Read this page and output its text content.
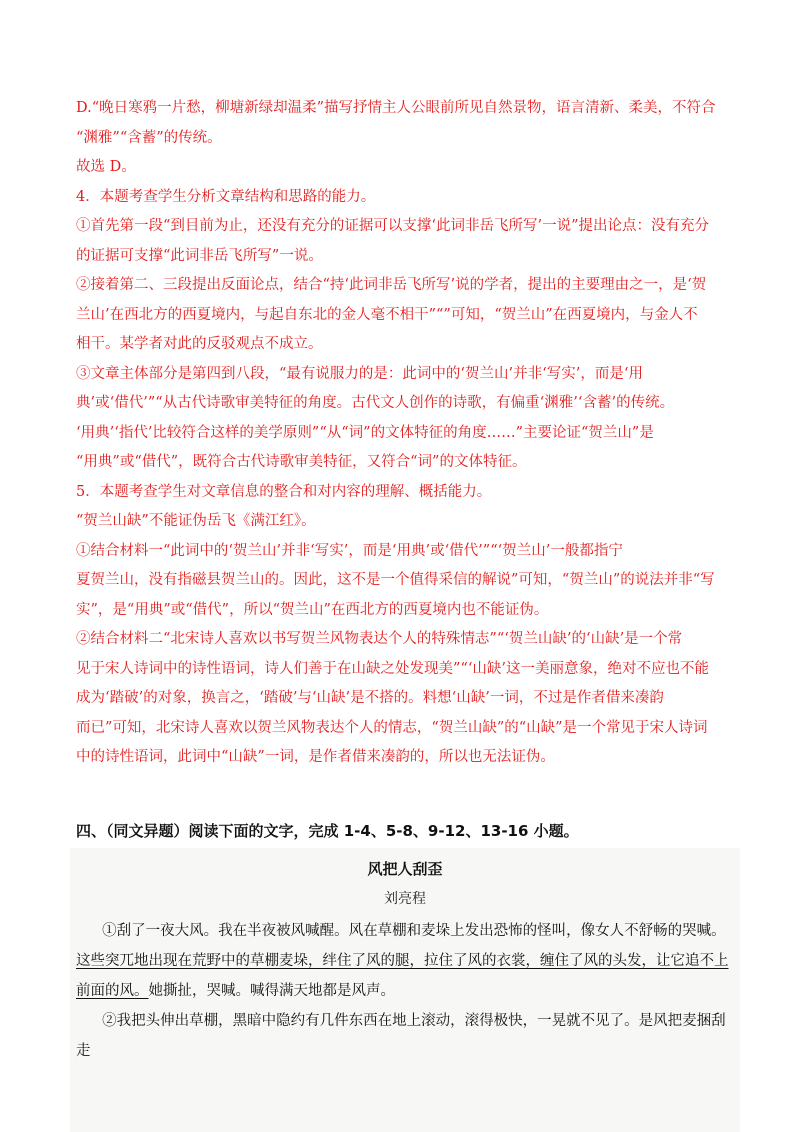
D.“晚日寒鸦一片愁，柳塘新绿却温柔”描写抒情主人公眼前所见自然景物，语言清新、柔美，不符合

“渊雅”“含蓄”的传统。

故选 D。

4．本题考查学生分析文章结构和思路的能力。

①首先第一段“到目前为止，还没有充分的证据可以支撑‘此词非岳飞所写’一说”提出论点：没有充分

的证据可支撑“此词非岳飞所写”一说。

②接着第二、三段提出反面论点，结合“持‘此词非岳飞所写’说的学者，提出的主要理由之一，是‘贺

兰山’在西北方的西夏境内，与起自东北的金人毫不相干”“”可知，“贺兰山”在西夏境内，与金人不

相干。某学者对此的反驳观点不成立。

③文章主体部分是第四到八段，“最有说服力的是：此词中的‘贺兰山’并非‘写实’，而是‘用

典’或‘借代’”“从古代诗歌审美特征的角度。古代文人创作的诗歌，有偏重‘渊雅’‘含蓄’的传统。

‘用典’‘指代’比较符合这样的美学原则”“从“词”的文体特征的角度……”主要论证“贺兰山”是

“用典”或“借代”，既符合古代诗歌审美特征，又符合“词”的文体特征。

5．本题考查学生对文章信息的整合和对内容的理解、概括能力。

“贺兰山缺”不能证伪岳飞《满江红》。

①结合材料一“此词中的‘贺兰山’并非‘写实’，而是‘用典’或‘借代’”“‘贺兰山’一般都指宁

夏贺兰山，没有指磁县贺兰山的。因此，这不是一个值得采信的解说”可知，“贺兰山”的说法并非“写

实”，是“用典”或“借代”，所以“贺兰山”在西北方的西夏境内也不能证伪。

②结合材料二“北宋诗人喜欢以书写贺兰风物表达个人的特殊情志”“‘贺兰山缺’的‘山缺’是一个常

见于宋人诗词中的诗性语词，诗人们善于在山缺之处发现美”“‘山缺’这一美丽意象，绝对不应也不能

成为‘踏破’的对象，换言之，‘踏破’与‘山缺’是不搭的。料想‘山缺’一词，不过是作者借来凑韵

而已”可知，北宋诗人喜欢以贺兰风物表达个人的情志，“贺兰山缺”的“山缺”是一个常见于宋人诗词

中的诗性语词，此词中“山缺”一词，是作者借来凑韵的，所以也无法证伪。

四、（同文异题）阅读下面的文字，完成 1-4、5-8、9-12、13-16 小题。
风把人刮歪
刘亮程

①刮了一夜大风。我在半夜被风喊醒。风在草棚和麦垛上发出恐怖的怪叫，像女人不舒畅的哭喊。这些突兀地出现在荒野中的草棚麦垛，绊住了风的腿，拉住了风的衣裳，缠住了风的头发，让它追不上前面的风。她撕扯，哭喊。喊得满天地都是风声。

②我把头伸出草棚，黑暗中隐约有几件东西在地上滚动，滚得极快，一晃就不见了。是风把麦捆刮走
